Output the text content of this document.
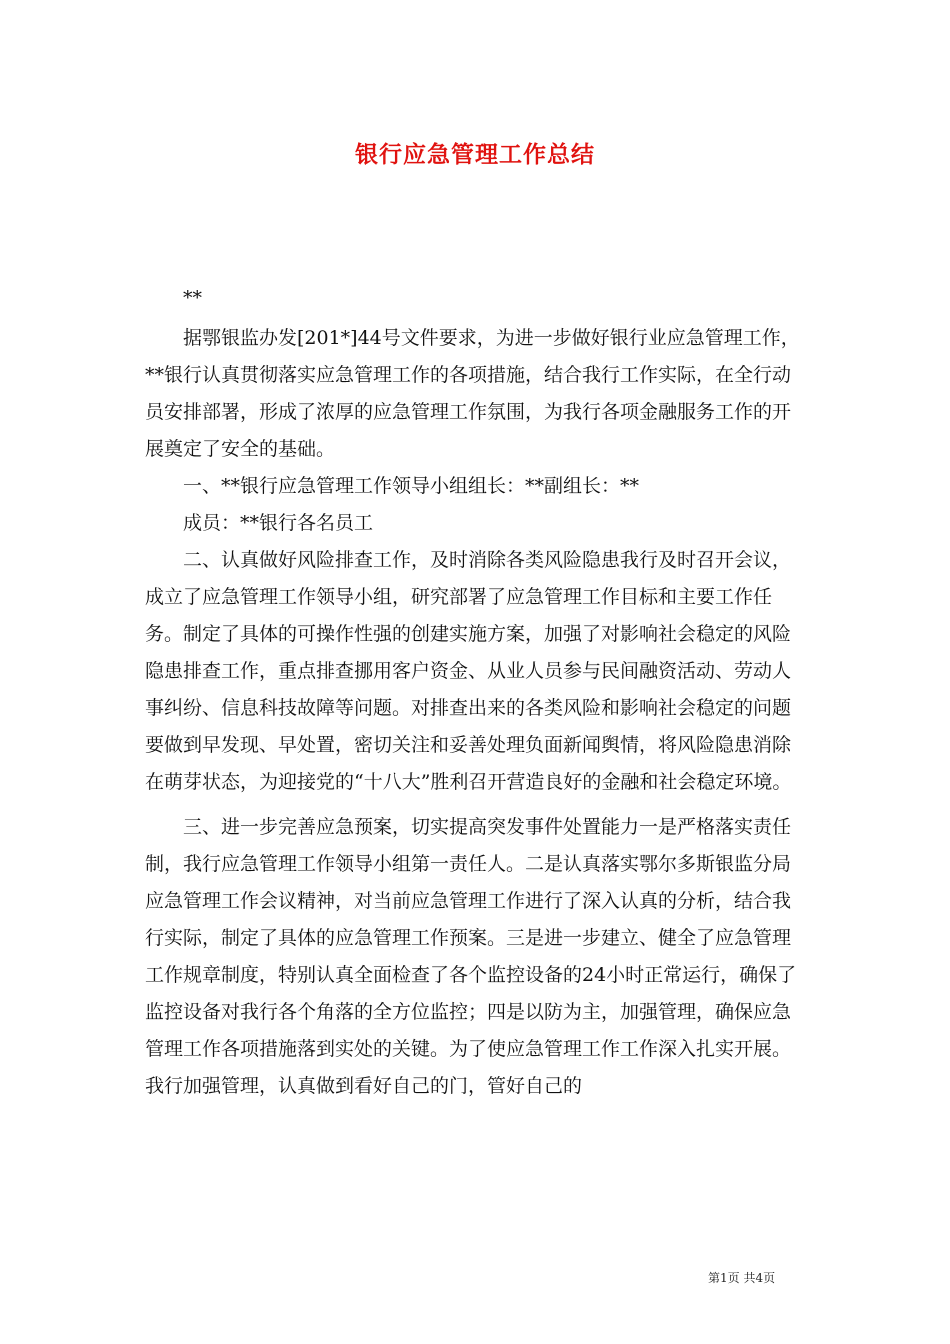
银行应急管理工作总结

**

据鄂银监办发[201*]44号文件要求，为进一步做好银行业应急管理工作，**银行认真贯彻落实应急管理工作的各项措施，结合我行工作实际，在全行动员安排部署，形成了浓厚的应急管理工作氛围，为我行各项金融服务工作的开展奠定了安全的基础。

一、**银行应急管理工作领导小组组长：**副组长：**

成员：**银行各名员工

二、认真做好风险排查工作，及时消除各类风险隐患我行及时召开会议，成立了应急管理工作领导小组，研究部署了应急管理工作目标和主要工作任务。制定了具体的可操作性强的创建实施方案，加强了对影响社会稳定的风险隐患排查工作，重点排查挪用客户资金、从业人员参与民间融资活动、劳动人事纠纷、信息科技故障等问题。对排查出来的各类风险和影响社会稳定的问题要做到早发现、早处置，密切关注和妥善处理负面新闻舆情，将风险隐患消除在萌芽状态，为迎接党的“十八大”胜利召开营造良好的金融和社会稳定环境。

三、进一步完善应急预案，切实提高突发事件处置能力一是严格落实责任制，我行应急管理工作领导小组第一责任人。二是认真落实鄂尔多斯银监分局应急管理工作会议精神，对当前应急管理工作进行了深入认真的分析，结合我行实际，制定了具体的应急管理工作预案。三是进一步建立、健全了应急管理工作规章制度，特别认真全面检查了各个监控设备的24小时正常运行，确保了监控设备对我行各个角落的全方位监控；四是以防为主，加强管理，确保应急管理工作各项措施落到实处的关键。为了使应急管理工作工作深入扎实开展。我行加强管理，认真做到看好自己的门，管好自己的

第1页 共4页
